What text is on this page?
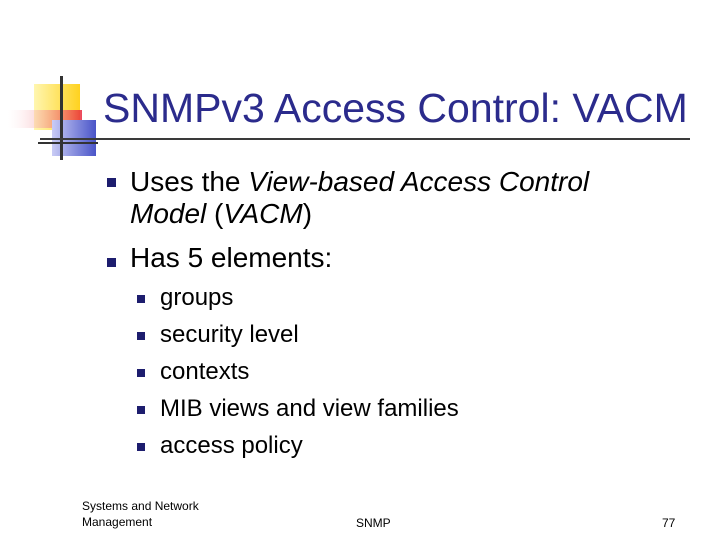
SNMPv3 Access Control: VACM
Uses the View-based Access Control
Model (VACM)
Has 5 elements:
groups
security level
contexts
MIB views and view families
access policy
Systems and Network Management	SNMP	77
